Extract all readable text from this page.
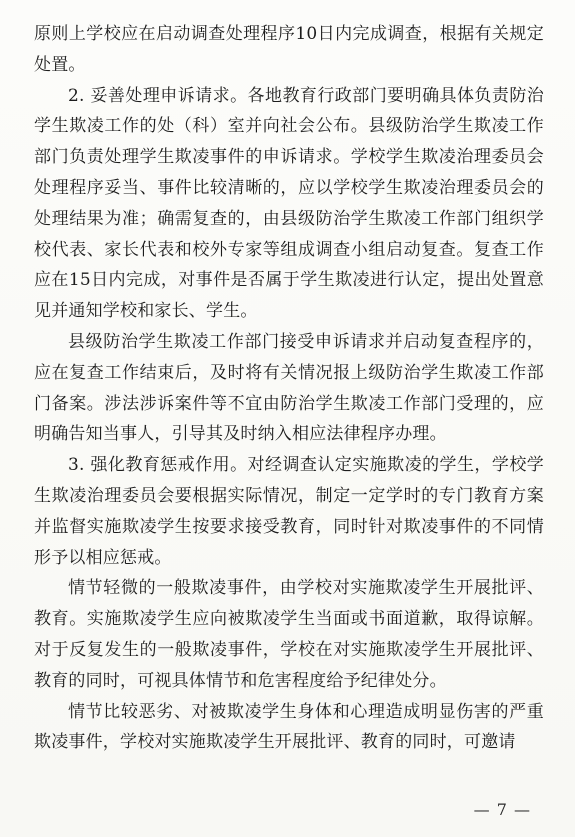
原则上学校应在启动调查处理程序10日内完成调查，根据有关规定处置。

2. 妥善处理申诉请求。各地教育行政部门要明确具体负责防治学生欺凌工作的处（科）室并向社会公布。县级防治学生欺凌工作部门负责处理学生欺凌事件的申诉请求。学校学生欺凌治理委员会处理程序妥当、事件比较清晰的，应以学校学生欺凌治理委员会的处理结果为准；确需复查的，由县级防治学生欺凌工作部门组织学校代表、家长代表和校外专家等组成调查小组启动复查。复查工作应在15日内完成，对事件是否属于学生欺凌进行认定，提出处置意见并通知学校和家长、学生。

县级防治学生欺凌工作部门接受申诉请求并启动复查程序的，应在复查工作结束后，及时将有关情况报上级防治学生欺凌工作部门备案。涉法涉诉案件等不宜由防治学生欺凌工作部门受理的，应明确告知当事人，引导其及时纳入相应法律程序办理。

3. 强化教育惩戒作用。对经调查认定实施欺凌的学生，学校学生欺凌治理委员会要根据实际情况，制定一定学时的专门教育方案并监督实施欺凌学生按要求接受教育，同时针对欺凌事件的不同情形予以相应惩戒。

情节轻微的一般欺凌事件，由学校对实施欺凌学生开展批评、教育。实施欺凌学生应向被欺凌学生当面或书面道歉，取得谅解。对于反复发生的一般欺凌事件，学校在对实施欺凌学生开展批评、教育的同时，可视具体情节和危害程度给予纪律处分。

情节比较恶劣、对被欺凌学生身体和心理造成明显伤害的严重欺凌事件，学校对实施欺凌学生开展批评、教育的同时，可邀请

— 7 —
